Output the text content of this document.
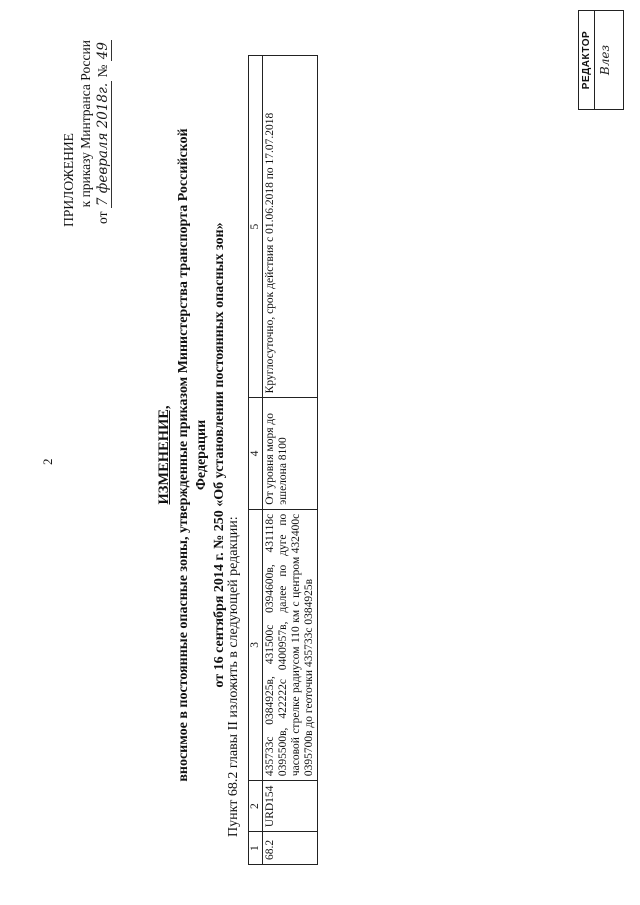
2
ПРИЛОЖЕНИЕ к приказу Минтранса России
от 7 февраля 2018г. № 49
ИЗМЕНЕНИЕ, вносимое в постоянные опасные зоны, утвержденные приказом Министерства транспорта Российской Федерации от 16 сентября 2014 г. № 250 «Об установлении постоянных опасных зон» Пункт 68.2 главы II изложить в следующей редакции:
1	2	3	4	5
68.2	URD154	435733с 0384925в, 431500с 0394600в, 431118с 0395500в, 422222с 0400957в, далее по дуге по часовой стрелке радиусом 110 км с центром 432400с 0395700в до геоточки 435733с 0384925в	От уровня моря до эшелона 8100	Круглосуточно, срок действия с 01.06.2018 по 17.07.2018
РЕДАКТОР Влез
